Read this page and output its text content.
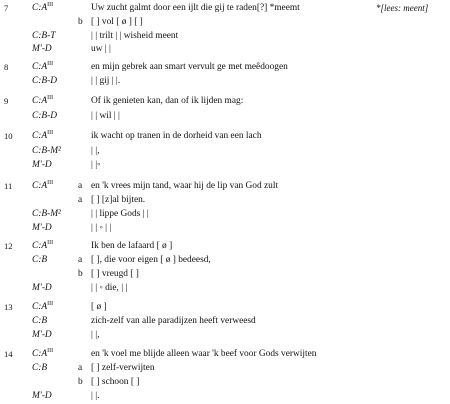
7	$C:A^{III}$	Uw zucht galmt door een ijlt die gij te raden[?] *meemt	*[lees: meent]
b [ ] vol [ ø ] [ ]
C:B-T	| | trilt | | wisheid meent
M'-D	uw | |
8	$C:A^{III}$	en mijn gebrek aan smart vervult ge met meêdoogen
C:B-D	| | gij | |.
9	$C:A^{III}$	Of ik genieten kan, dan of ik lijden mag:
C:B-D	| | wil | |
10 $C:A^{III}$	ik wacht op tranen in de dorheid van een lach
C:B-M²	| |,
M'-D	| |◦
11 $C:A^{III}$	a en 'k vrees mijn tand, waar hij de lip van God zult
a [ ] [z]al bijten.
C:B-M²	| | lippe Gods | |
M'-D	| | ◦ | |
12 $C:A^{III}$	Ik ben de lafaard [ ø ]
C:B	a [ ], die voor eigen [ ø ] bedeesd,
b [ ] vreugd [ ]
M'-D	| | ◦ die, | |
13 $C:A^{III}$	[ ø ]
C:B	zich-zelf van alle paradijzen heeft verweesd
M'-D	| |,
14 $C:A^{III}$	en 'k voel me blijde alleen waar 'k beef voor Gods verwijten
C:B	a [ ] zelf-verwijten
b [ ] schoon [ ]
M'-D	| |.
